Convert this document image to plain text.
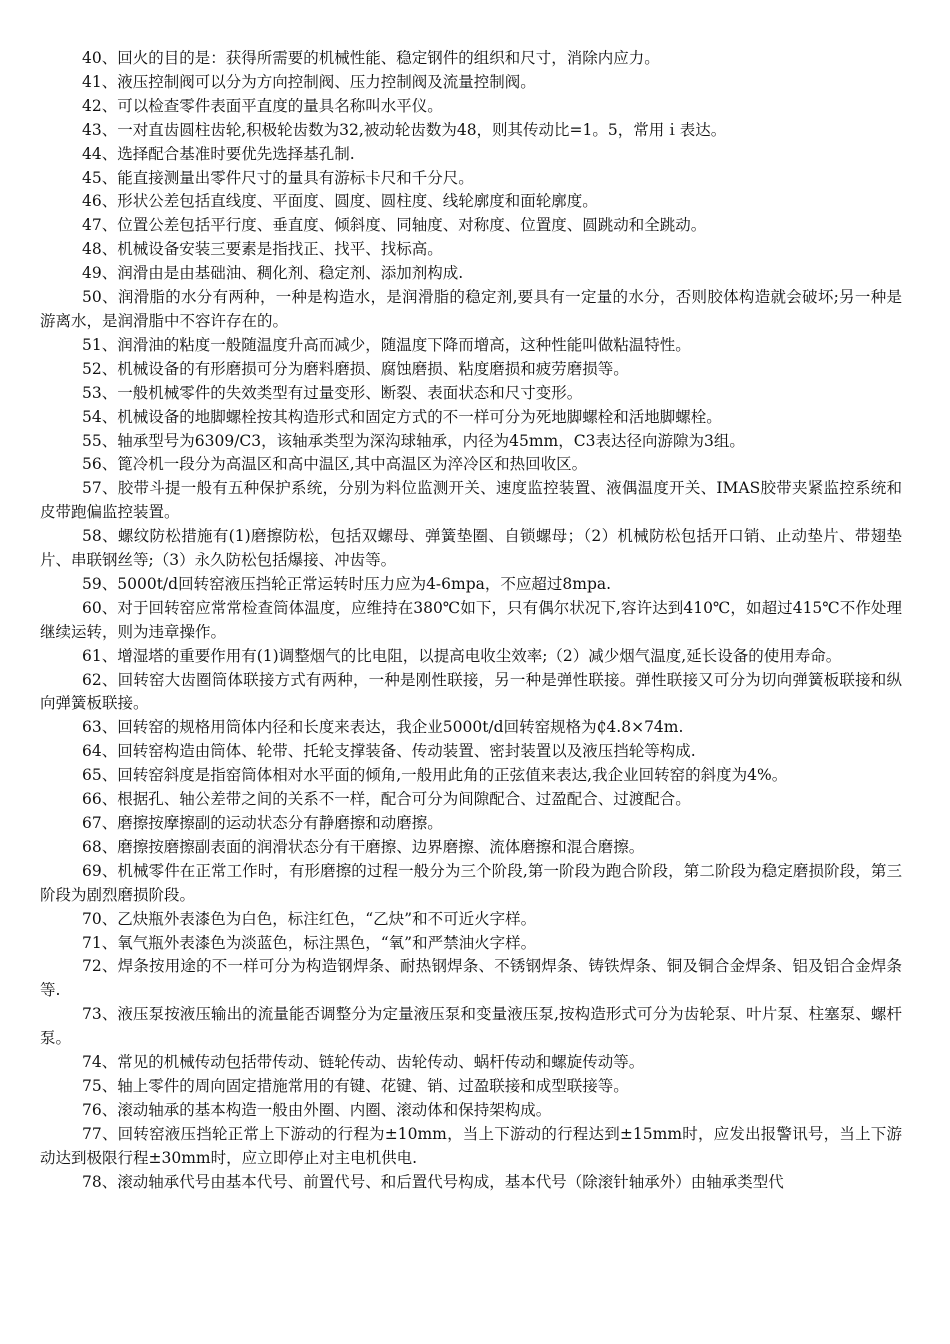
40、回火的目的是：获得所需要的机械性能、稳定钢件的组织和尺寸，消除内应力。

41、液压控制阀可以分为方向控制阀、压力控制阀及流量控制阀。

42、可以检查零件表面平直度的量具名称叫水平仪。

43、一对直齿圆柱齿轮,积极轮齿数为32,被动轮齿数为48，则其传动比=1。5，常用ｉ表达。

44、选择配合基准时要优先选择基孔制.

45、能直接测量出零件尺寸的量具有游标卡尺和千分尺。

46、形状公差包括直线度、平面度、圆度、圆柱度、线轮廓度和面轮廓度。

47、位置公差包括平行度、垂直度、倾斜度、同轴度、对称度、位置度、圆跳动和全跳动。

48、机械设备安装三要素是指找正、找平、找标高。

49、润滑由是由基础油、稠化剂、稳定剂、添加剂构成.

50、润滑脂的水分有两种，一种是构造水，是润滑脂的稳定剂,要具有一定量的水分，否则胶体构造就会破坏;另一种是游离水，是润滑脂中不容许存在的。

51、润滑油的粘度一般随温度升高而减少，随温度下降而增高，这种性能叫做粘温特性。

52、机械设备的有形磨损可分为磨料磨损、腐蚀磨损、粘度磨损和疲劳磨损等。

53、一般机械零件的失效类型有过量变形、断裂、表面状态和尺寸变形。

54、机械设备的地脚螺栓按其构造形式和固定方式的不一样可分为死地脚螺栓和活地脚螺栓。

55、轴承型号为6309/C3，该轴承类型为深沟球轴承，内径为45mm，C3表达径向游隙为3组。

56、篦冷机一段分为高温区和高中温区,其中高温区为淬冷区和热回收区。

57、胶带斗提一般有五种保护系统，分别为料位监测开关、速度监控装置、液偶温度开关、IMAS胶带夹紧监控系统和皮带跑偏监控装置。

58、螺纹防松措施有(1)磨擦防松，包括双螺母、弹簧垫圈、自锁螺母；（2）机械防松包括开口销、止动垫片、带翅垫片、串联钢丝等;（3）永久防松包括爆接、冲齿等。

59、5000t/d回转窑液压挡轮正常运转时压力应为4-6mpa，不应超过8mpa.

60、对于回转窑应常常检查筒体温度，应维持在380℃如下，只有偶尔状况下,容许达到410℃，如超过415℃不作处理继续运转，则为违章操作。

61、增湿塔的重要作用有(1)调整烟气的比电阻，以提高电收尘效率;（2）减少烟气温度,延长设备的使用寿命。

62、回转窑大齿圈筒体联接方式有两种，一种是刚性联接，另一种是弹性联接。弹性联接又可分为切向弹簧板联接和纵向弹簧板联接。

63、回转窑的规格用筒体内径和长度来表达，我企业5000t/d回转窑规格为₵4.8×74m.

64、回转窑构造由筒体、轮带、托轮支撑装备、传动装置、密封装置以及液压挡轮等构成.

65、回转窑斜度是指窑筒体相对水平面的倾角,一般用此角的正弦值来表达,我企业回转窑的斜度为4%。

66、根据孔、轴公差带之间的关系不一样，配合可分为间隙配合、过盈配合、过渡配合。

67、磨擦按摩擦副的运动状态分有静磨擦和动磨擦。

68、磨擦按磨擦副表面的润滑状态分有干磨擦、边界磨擦、流体磨擦和混合磨擦。

69、机械零件在正常工作时，有形磨擦的过程一般分为三个阶段,第一阶段为跑合阶段，第二阶段为稳定磨损阶段，第三阶段为剧烈磨损阶段。

70、乙炔瓶外表漆色为白色，标注红色，“乙炔”和不可近火字样。

71、氧气瓶外表漆色为淡蓝色，标注黑色，“氧”和严禁油火字样。

72、焊条按用途的不一样可分为构造钢焊条、耐热钢焊条、不锈钢焊条、铸铁焊条、铜及铜合金焊条、铝及铝合金焊条等.

73、液压泵按液压输出的流量能否调整分为定量液压泵和变量液压泵,按构造形式可分为齿轮泵、叶片泵、柱塞泵、螺杆泵。

74、常见的机械传动包括带传动、链轮传动、齿轮传动、蜗杆传动和螺旋传动等。

75、轴上零件的周向固定措施常用的有键、花键、销、过盈联接和成型联接等。

76、滚动轴承的基本构造一般由外圈、内圈、滚动体和保持架构成。

77、回转窑液压挡轮正常上下游动的行程为±10mm，当上下游动的行程达到±15mm时，应发出报警讯号，当上下游动达到极限行程±30mm时，应立即停止对主电机供电.

78、滚动轴承代号由基本代号、前置代号、和后置代号构成，基本代号（除滚针轴承外）由轴承类型代
